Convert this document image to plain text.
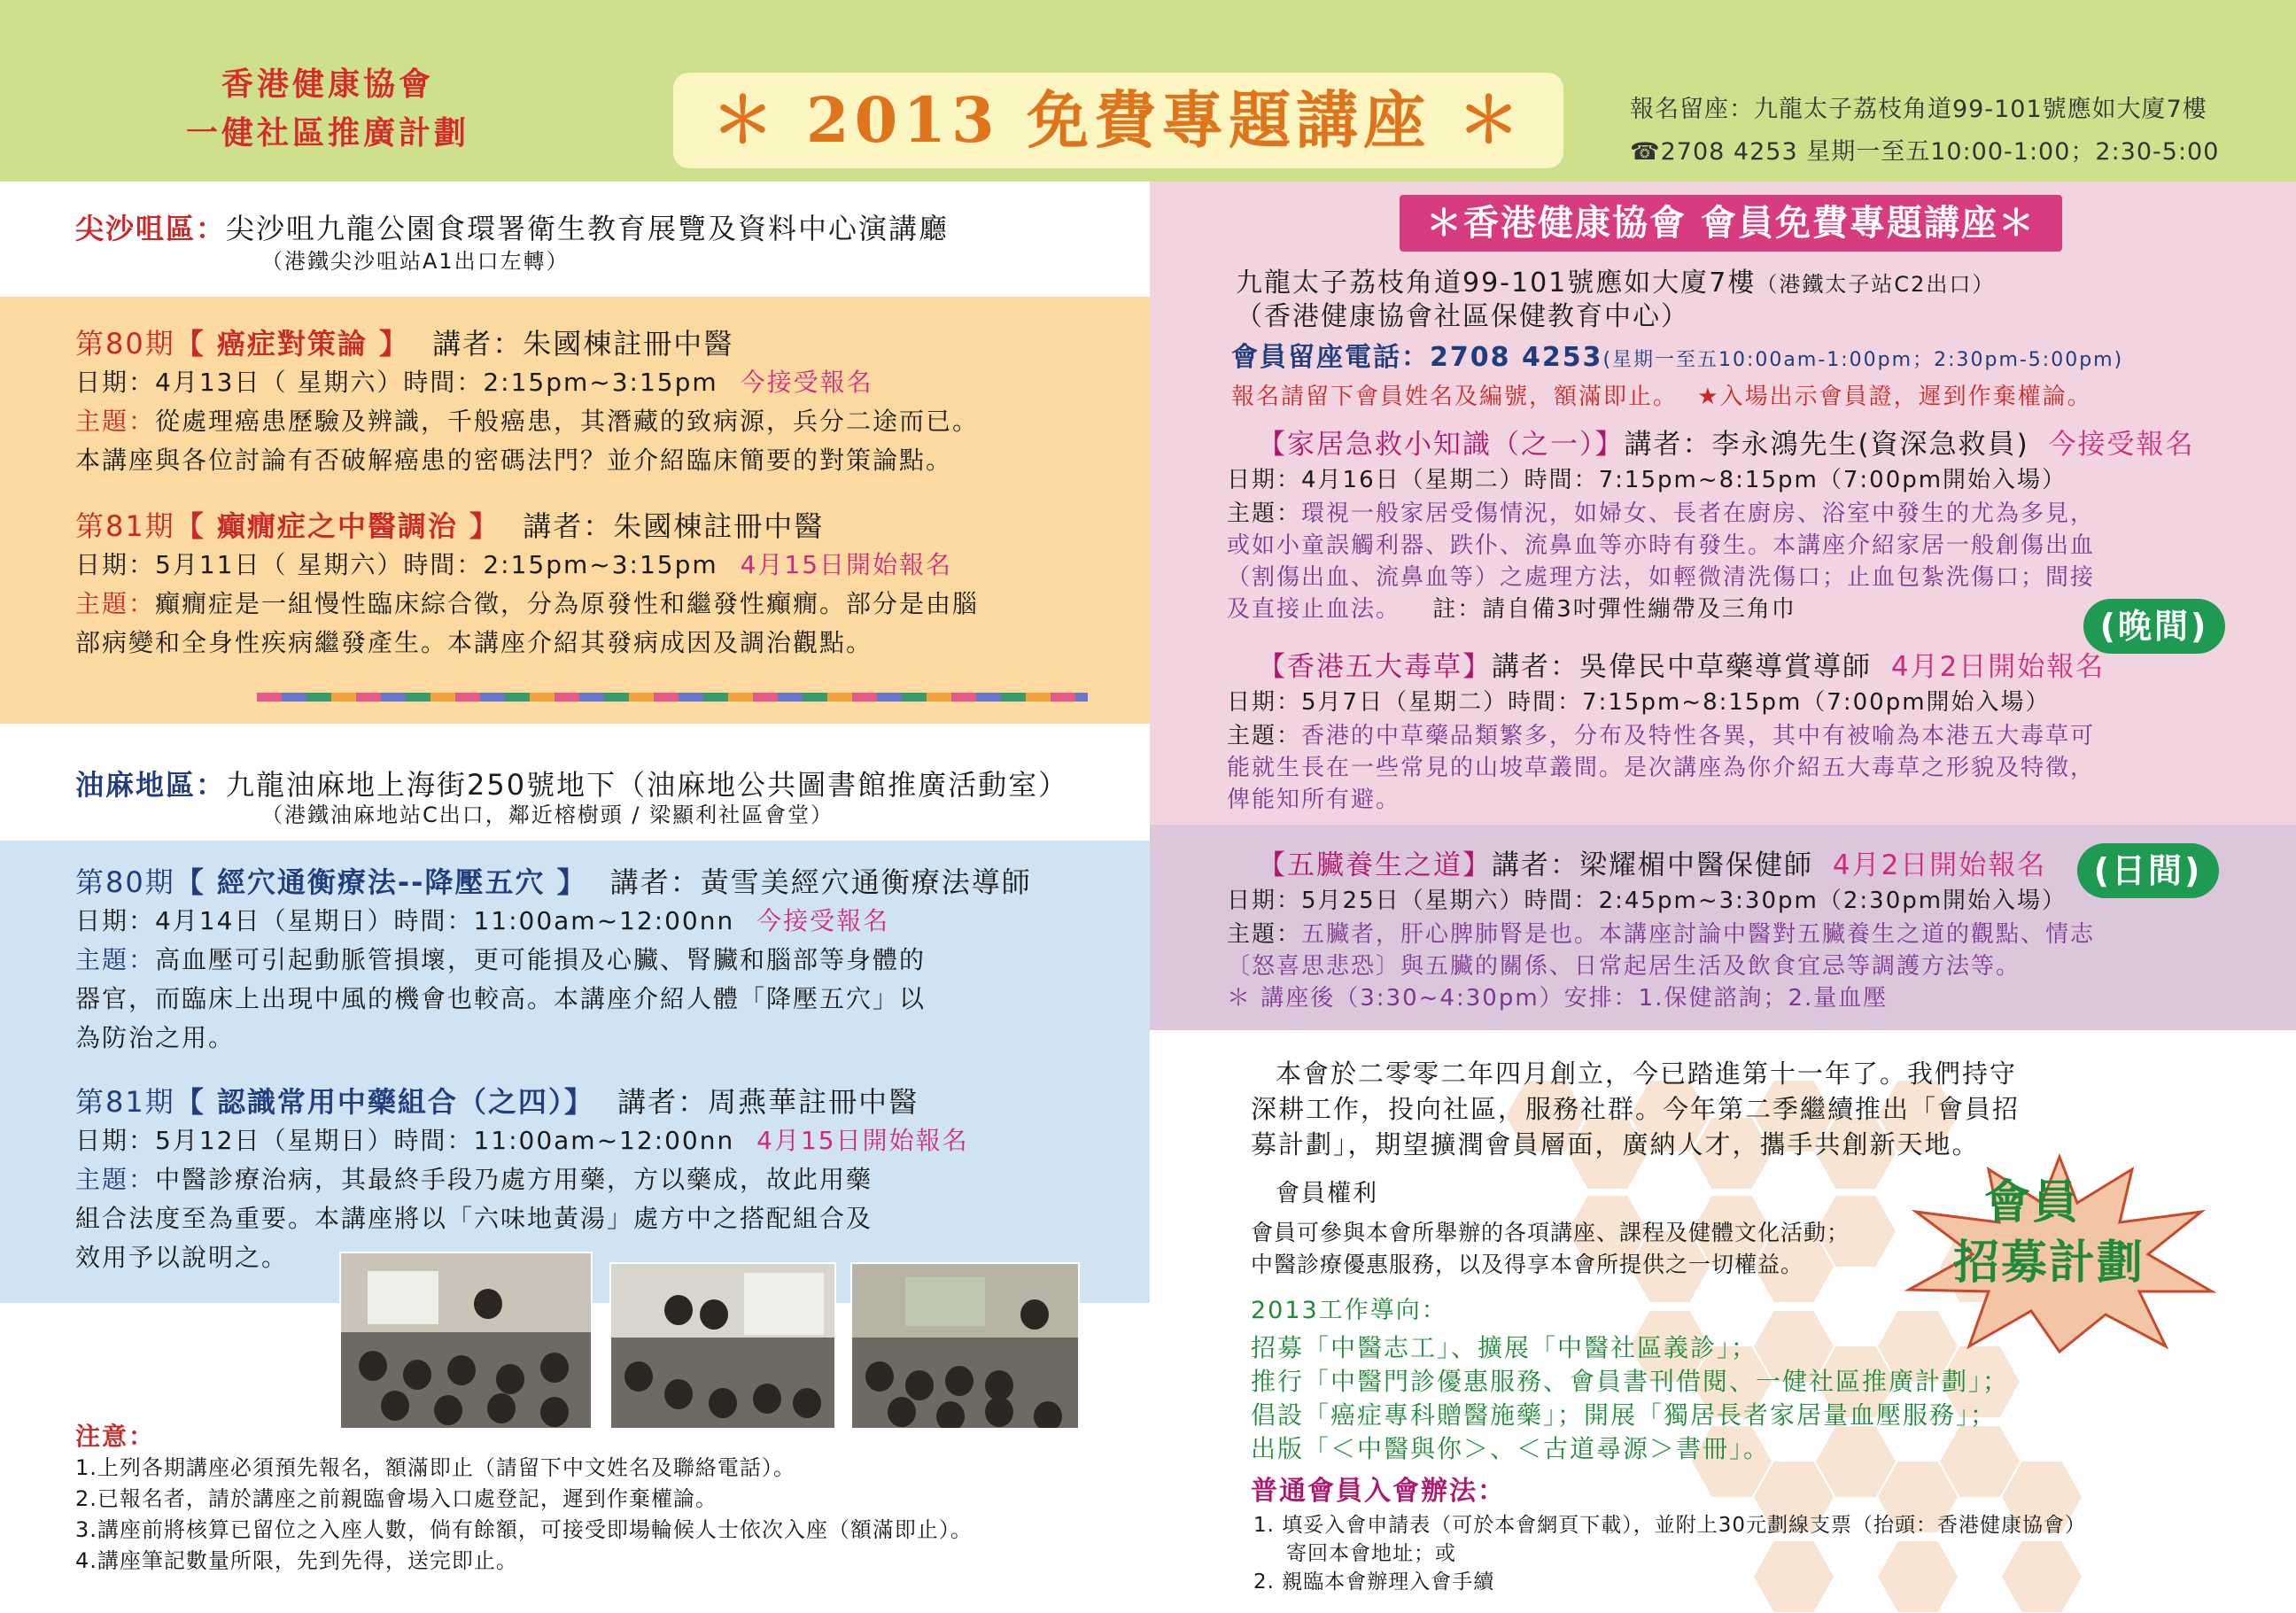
香港健康協會
一健社區推廣計劃	＊ 2013 免費專題講座 ＊	報名留座：九龍太子荔枝角道99-101號應如大廈7樓
☎2708 4253 星期一至五10:00-1:00；2:30-5:00
尖沙咀區：尖沙咀九龍公園食環署衛生教育展覽及資料中心演講廳
（港鐵尖沙咀站A1出口左轉）
第80期【 癌症對策論 】 講者：朱國棟註冊中醫
日期：4月13日（ 星期六）時間：2:15pm~3:15pm 今接受報名
主題：從處理癌患歷驗及辨識，千般癌患，其潛藏的致病源，兵分二途而已。
本講座與各位討論有否破解癌患的密碼法門？並介紹臨床簡要的對策論點。
第81期【 癲癇症之中醫調治 】 講者：朱國棟註冊中醫
日期：5月11日（ 星期六）時間：2:15pm~3:15pm 4月15日開始報名
主題：癲癇症是一組慢性臨床綜合徵，分為原發性和繼發性癲癇。部分是由腦
部病變和全身性疾病繼發產生。本講座介紹其發病成因及調治觀點。
油麻地區：九龍油麻地上海街250號地下（油麻地公共圖書館推廣活動室）
（港鐵油麻地站C出口，鄰近榕樹頭 / 梁顯利社區會堂）
第80期【 經穴通衡療法--降壓五穴 】 講者：黃雪美經穴通衡療法導師
日期：4月14日（星期日）時間：11:00am~12:00nn 今接受報名
主題：高血壓可引起動脈管損壞，更可能損及心臟、腎臟和腦部等身體的
器官，而臨床上出現中風的機會也較高。本講座介紹人體「降壓五穴」以
為防治之用。
第81期【 認識常用中藥組合（之四）】 講者：周燕華註冊中醫
日期：5月12日（星期日）時間：11:00am~12:00nn 4月15日開始報名
主題：中醫診療治病，其最終手段乃處方用藥，方以藥成，故此用藥
組合法度至為重要。本講座將以「六味地黃湯」處方中之搭配組合及
效用予以說明之。
注意：
1.上列各期講座必須預先報名，額滿即止（請留下中文姓名及聯絡電話）。
2.已報名者，請於講座之前親臨會場入口處登記，遲到作棄權論。
3.講座前將核算已留位之入座人數，倘有餘額，可接受即場輪候人士依次入座（額滿即止）。
4.講座筆記數量所限，先到先得，送完即止。
＊香港健康協會 會員免費專題講座＊
九龍太子荔枝角道99-101號應如大廈7樓（港鐵太子站C2出口）
（香港健康協會社區保健教育中心）
會員留座電話：2708 4253(星期一至五10:00am-1:00pm；2:30pm-5:00pm)
報名請留下會員姓名及編號，額滿即止。 ★入場出示會員證，遲到作棄權論。
【家居急救小知識（之一）】講者：李永鴻先生(資深急救員) 今接受報名
日期：4月16日（星期二）時間：7:15pm~8:15pm（7:00pm開始入場）
主題：環視一般家居受傷情況，如婦女、長者在廚房、浴室中發生的尤為多見，
或如小童誤觸利器、跌仆、流鼻血等亦時有發生。本講座介紹家居一般創傷出血
（割傷出血、流鼻血等）之處理方法，如輕微清洗傷口；止血包紮洗傷口；間接
及直接止血法。 註：請自備3吋彈性繃帶及三角巾	(晚間)
【香港五大毒草】講者：吳偉民中草藥導賞導師 4月2日開始報名
日期：5月7日（星期二）時間：7:15pm~8:15pm（7:00pm開始入場）
主題：香港的中草藥品類繁多，分布及特性各異，其中有被喻為本港五大毒草可
能就生長在一些常見的山坡草叢間。是次講座為你介紹五大毒草之形貌及特徵，
俾能知所有避。
【五臟養生之道】講者：梁耀楣中醫保健師 4月2日開始報名	(日間)
日期：5月25日（星期六）時間：2:45pm~3:30pm（2:30pm開始入場）
主題：五臟者，肝心脾肺腎是也。本講座討論中醫對五臟養生之道的觀點、情志
〔怒喜思悲恐〕與五臟的關係、日常起居生活及飲食宜忌等調護方法等。
＊ 講座後（3:30~4:30pm）安排：1.保健諮詢；2.量血壓
本會於二零零二年四月創立，今已踏進第十一年了。我們持守
深耕工作，投向社區，服務社群。今年第二季繼續推出「會員招
募計劃」，期望擴潤會員層面，廣納人才，攜手共創新天地。
會員權利
會員可參與本會所舉辦的各項講座、課程及健體文化活動；
中醫診療優惠服務，以及得享本會所提供之一切權益。
會員
招募計劃
2013工作導向：
招募「中醫志工」、擴展「中醫社區義診」；
推行「中醫門診優惠服務、會員書刊借閱、一健社區推廣計劃」；
倡設「癌症專科贈醫施藥」；開展「獨居長者家居量血壓服務」；
出版「＜中醫與你＞、＜古道尋源＞書冊」。
普通會員入會辦法：
1. 填妥入會申請表（可於本會網頁下載），並附上30元劃線支票（抬頭：香港健康協會）
寄回本會地址；或
2. 親臨本會辦理入會手續
